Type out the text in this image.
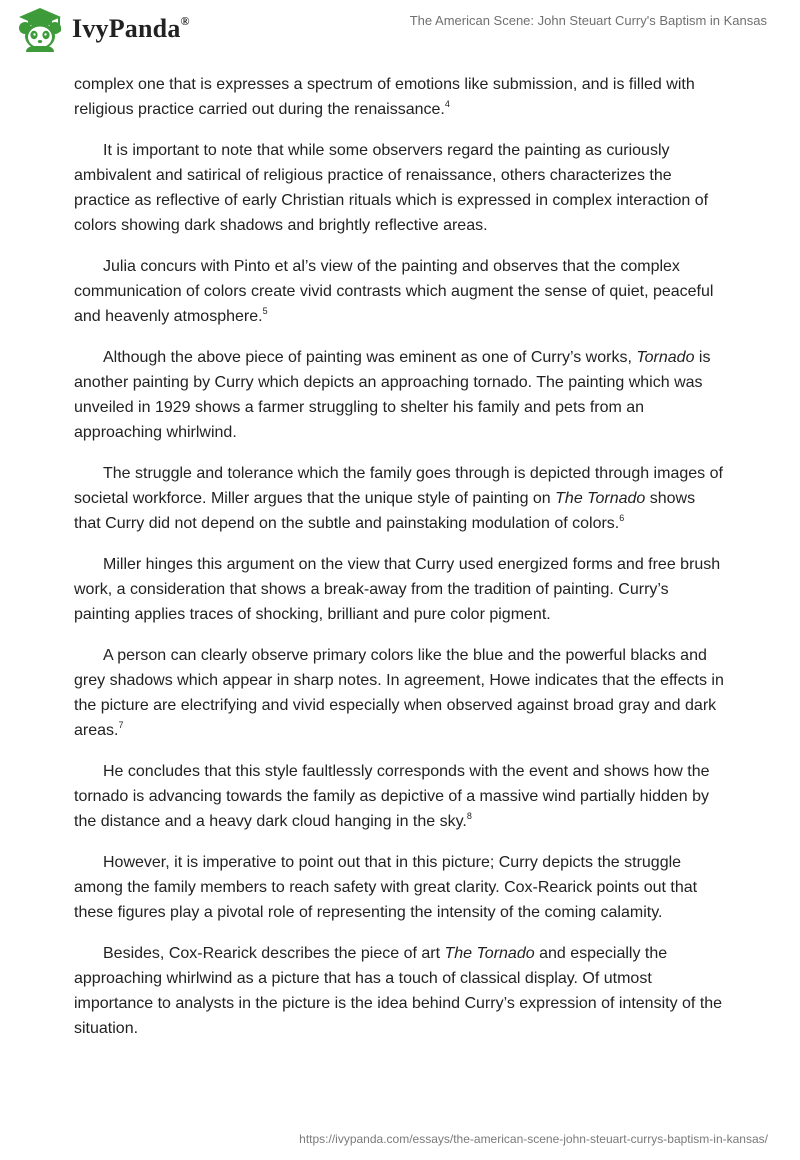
IvyPanda®	The American Scene: John Steuart Curry's Baptism in Kansas

complex one that is expresses a spectrum of emotions like submission, and is filled with religious practice carried out during the renaissance.$^4$

It is important to note that while some observers regard the painting as curiously ambivalent and satirical of religious practice of renaissance, others characterizes the practice as reflective of early Christian rituals which is expressed in complex interaction of colors showing dark shadows and brightly reflective areas.

Julia concurs with Pinto et al’s view of the painting and observes that the complex communication of colors create vivid contrasts which augment the sense of quiet, peaceful and heavenly atmosphere.$^5$

Although the above piece of painting was eminent as one of Curry’s works, Tornado is another painting by Curry which depicts an approaching tornado. The painting which was unveiled in 1929 shows a farmer struggling to shelter his family and pets from an approaching whirlwind.

The struggle and tolerance which the family goes through is depicted through images of societal workforce. Miller argues that the unique style of painting on The Tornado shows that Curry did not depend on the subtle and painstaking modulation of colors.$^6$

Miller hinges this argument on the view that Curry used energized forms and free brush work, a consideration that shows a break-away from the tradition of painting. Curry’s painting applies traces of shocking, brilliant and pure color pigment.

A person can clearly observe primary colors like the blue and the powerful blacks and grey shadows which appear in sharp notes. In agreement, Howe indicates that the effects in the picture are electrifying and vivid especially when observed against broad gray and dark areas.$^7$

He concludes that this style faultlessly corresponds with the event and shows how the tornado is advancing towards the family as depictive of a massive wind partially hidden by the distance and a heavy dark cloud hanging in the sky.$^8$

However, it is imperative to point out that in this picture; Curry depicts the struggle among the family members to reach safety with great clarity. Cox-Rearick points out that these figures play a pivotal role of representing the intensity of the coming calamity.

Besides, Cox-Rearick describes the piece of art The Tornado and especially the approaching whirlwind as a picture that has a touch of classical display. Of utmost importance to analysts in the picture is the idea behind Curry’s expression of intensity of the situation.

https://ivypanda.com/essays/the-american-scene-john-steuart-currys-baptism-in-kansas/
